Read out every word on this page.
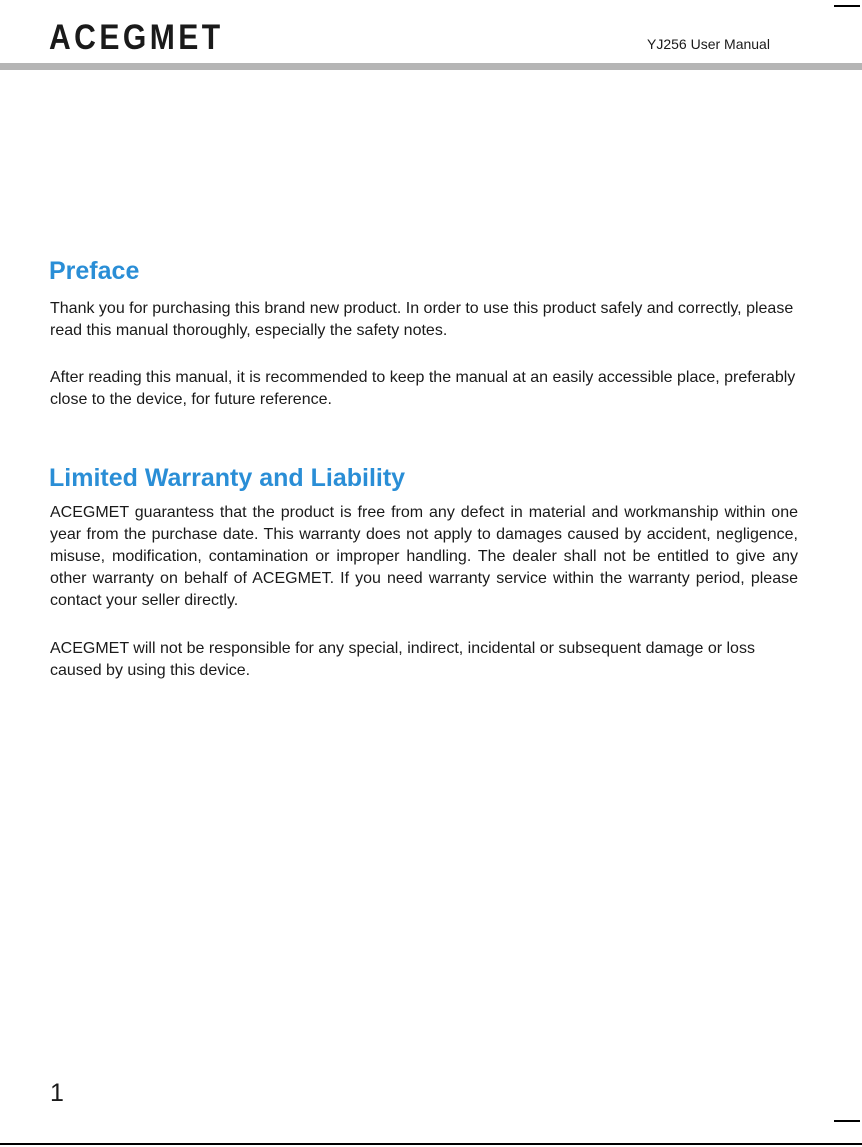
ACEGMET	YJ256 User Manual
Preface

Thank you for purchasing this brand new product. In order to use this product safely and correctly, please read this manual thoroughly, especially the safety notes.

After reading this manual, it is recommended to keep the manual at an easily accessible place, preferably close to the device, for future reference.

Limited Warranty and Liability

ACEGMET guarantess that the product is free from any defect in material and workmanship within one year from the purchase date. This warranty does not apply to damages caused by accident, negligence, misuse, modification, contamination or improper handling. The dealer shall not be entitled to give any other warranty on behalf of ACEGMET. If you need warranty service within the warranty period, please contact your seller directly.

ACEGMET will not be responsible for any special, indirect, incidental or subsequent damage or loss caused by using this device.

1
